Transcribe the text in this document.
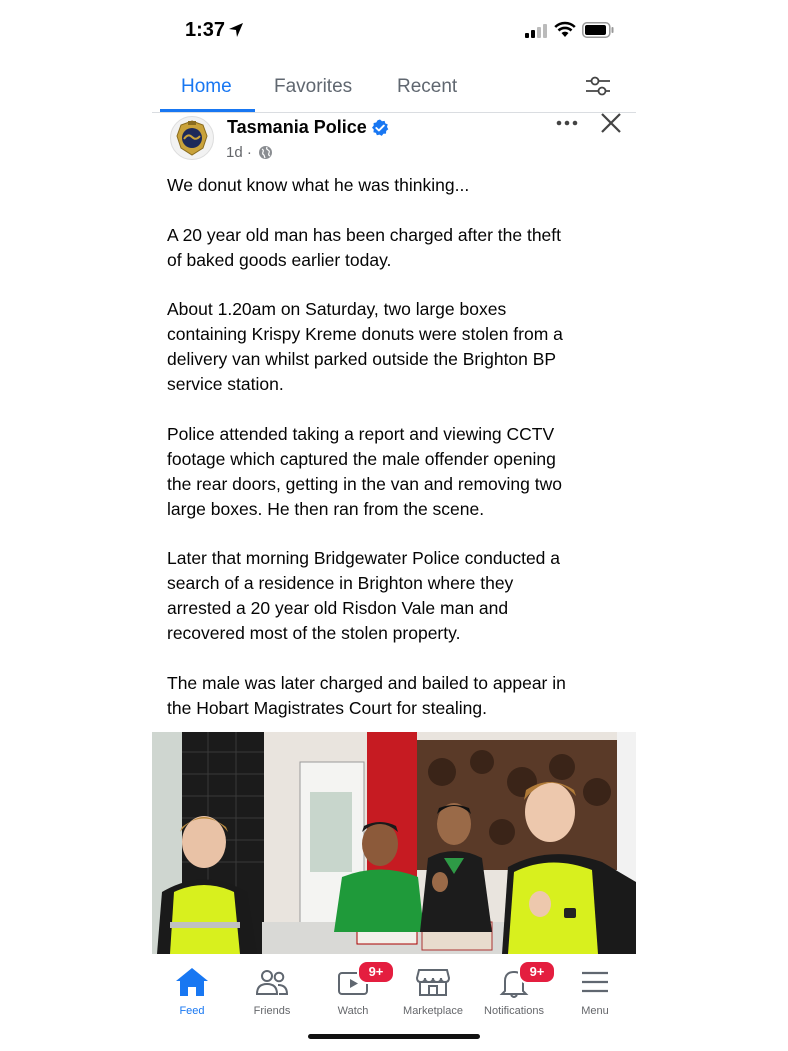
1:37
Home Favorites Recent
Tasmania Police
1d ·

We donut know what he was thinking...

A 20 year old man has been charged after the theft
of baked goods earlier today.

About 1.20am on Saturday, two large boxes
containing Krispy Kreme donuts were stolen from a
delivery van whilst parked outside the Brighton BP
service station.

Police attended taking a report and viewing CCTV
footage which captured the male offender opening
the rear doors, getting in the van and removing two
large boxes. He then ran from the scene.

Later that morning Bridgewater Police conducted a
search of a residence in Brighton where they
arrested a 20 year old Risdon Vale man and
recovered most of the stolen property.

The male was later charged and bailed to appear in
the Hobart Magistrates Court for stealing.

Feed	Friends
9+
Watch	Marketplace
9+
Notifications	Menu
